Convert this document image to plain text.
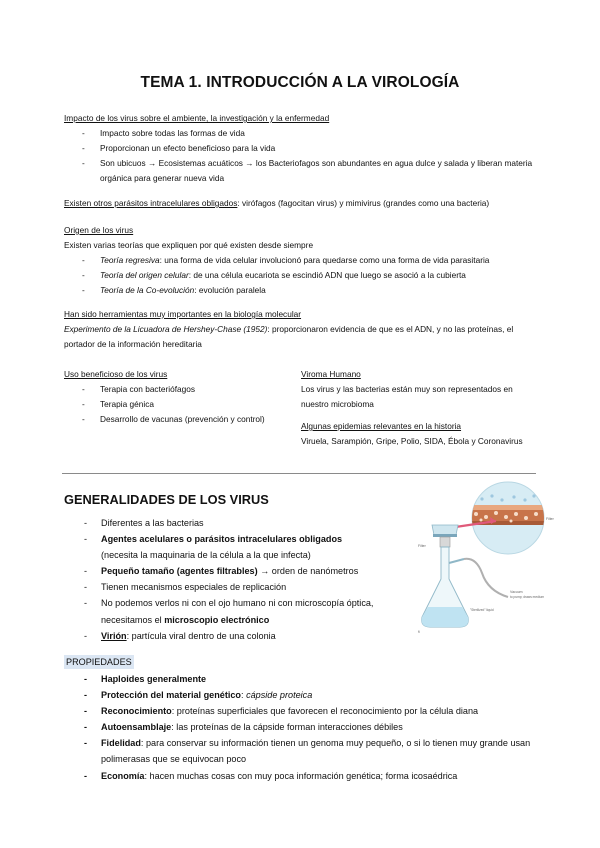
TEMA 1. INTRODUCCIÓN A LA VIROLOGÍA
Impacto de los virus sobre el ambiente, la investigación y la enfermedad
- Impacto sobre todas las formas de vida
- Proporcionan un efecto beneficioso para la vida
- Son ubicuos → Ecosistemas acuáticos → los Bacteriofagos son abundantes en agua dulce y salada y liberan materia orgánica para generar nueva vida
Existen otros parásitos intracelulares obligados: virófagos (fagocitan virus) y mimivirus (grandes como una bacteria)
Origen de los virus
Existen varias teorías que expliquen por qué existen desde siempre
- Teoría regresiva: una forma de vida celular involucionó para quedarse como una forma de vida parasitaria
- Teoría del origen celular: de una célula eucariota se escindió ADN que luego se asoció a la cubierta
- Teoría de la Co-evolución: evolución paralela
Han sido herramientas muy importantes en la biología molecular
Experimento de la Licuadora de Hershey-Chase (1952): proporcionaron evidencia de que es el ADN, y no las proteínas, el portador de la información hereditaria
Uso beneficioso de los virus
- Terapia con bacteriófagos
- Terapia génica
- Desarrollo de vacunas (prevención y control)
Viroma Humano
Los virus y las bacterias están muy son representados en nuestro microbioma
Algunas epidemias relevantes en la historia
Viruela, Sarampión, Gripe, Polio, SIDA, Ébola y Coronavirus
GENERALIDADES DE LOS VIRUS
- Diferentes a las bacterias
- Agentes acelulares o parásitos intracelulares obligados
(necesita la maquinaria de la célula a la que infecta)
- Pequeño tamaño (agentes filtrables) → orden de nanómetros
- Tienen mecanismos especiales de replicación
- No podemos verlos ni con el ojo humano ni con microscopía óptica, necesitamos el microscopio electrónico
- Virión: partícula viral dentro de una colonia
Filter
Filter
Vacuum
to pump; draws medium
"Sterilized" liquid
fi
PROPIEDADES
- Haploides generalmente
- Protección del material genético: cápside proteica
- Reconocimiento: proteínas superficiales que favorecen el reconocimiento por la célula diana
- Autoensamblaje: las proteínas de la cápside forman interacciones débiles
- Fidelidad: para conservar su información tienen un genoma muy pequeño, o si lo tienen muy grande usan polimerasas que se equivocan poco
- Economía: hacen muchas cosas con muy poca información genética; forma icosaédrica
